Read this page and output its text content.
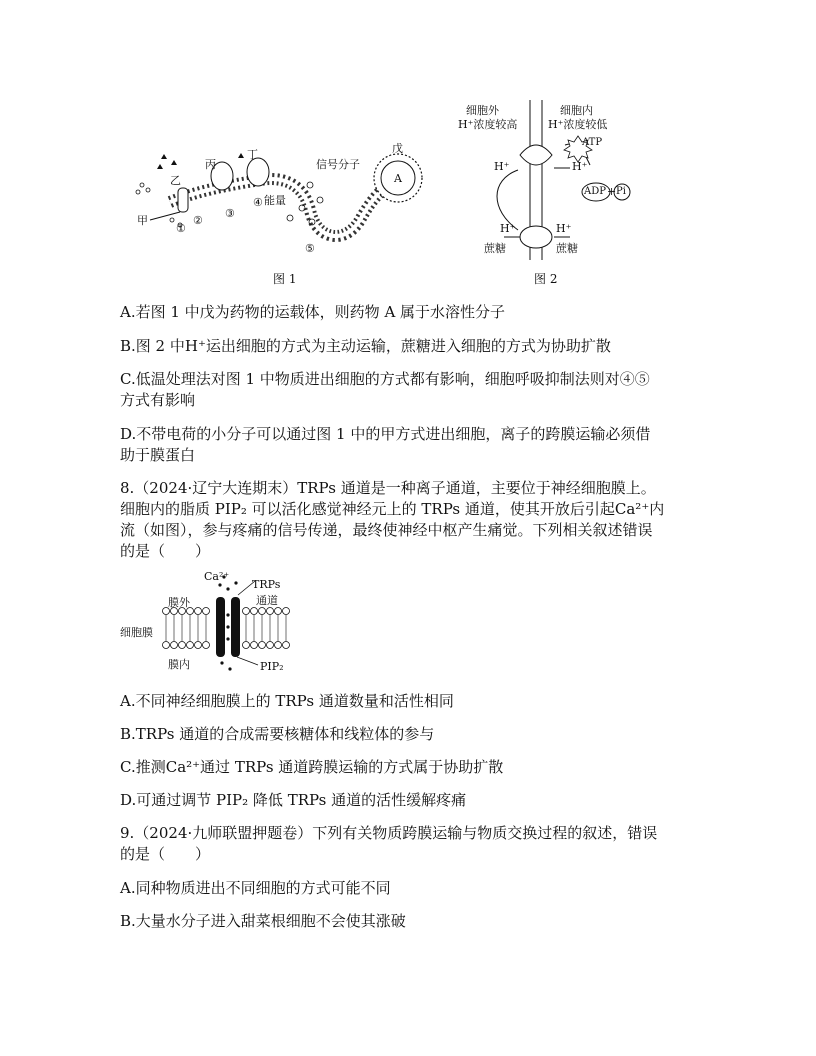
甲
乙
丙
丁	戊
信号分子
A
①
②
③
④ 能量
⑤
图 1
细胞外
H⁺浓度较高
细胞内
H⁺浓度较低
ATP
H⁺	H⁺
ADP + Pi
H⁺	H⁺
蔗糖	蔗糖
图 2
A.若图 1 中戊为药物的运载体，则药物 A 属于水溶性分子
B.图 2 中H⁺运出细胞的方式为主动运输，蔗糖进入细胞的方式为协助扩散
C.低温处理法对图 1 中物质进出细胞的方式都有影响，细胞呼吸抑制法则对④⑤
方式有影响
D.不带电荷的小分子可以通过图 1 中的甲方式进出细胞，离子的跨膜运输必须借
助于膜蛋白
8.（2024·辽宁大连期末）TRPs 通道是一种离子通道，主要位于神经细胞膜上。
细胞内的脂质 PIP₂ 可以活化感觉神经元上的 TRPs 通道，使其开放后引起Ca²⁺内
流（如图），参与疼痛的信号传递，最终使神经中枢产生痛觉。下列相关叙述错误
的是（　　）
Ca²⁺
TRPs
通道
膜外
细胞膜
膜内	PIP₂
A.不同神经细胞膜上的 TRPs 通道数量和活性相同
B.TRPs 通道的合成需要核糖体和线粒体的参与
C.推测Ca²⁺通过 TRPs 通道跨膜运输的方式属于协助扩散
D.可通过调节 PIP₂ 降低 TRPs 通道的活性缓解疼痛
9.（2024·九师联盟押题卷）下列有关物质跨膜运输与物质交换过程的叙述，错误
的是（　　）
A.同种物质进出不同细胞的方式可能不同
B.大量水分子进入甜菜根细胞不会使其涨破
